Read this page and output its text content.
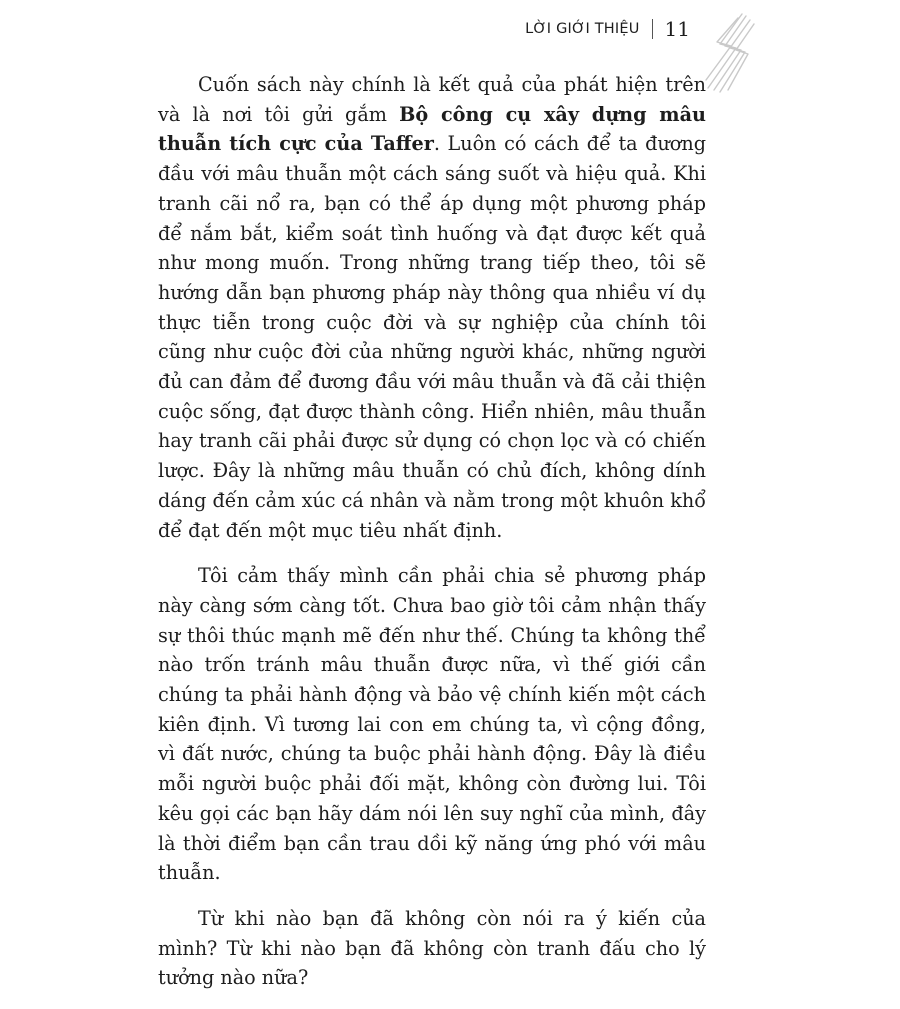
LỜI GIỚI THIỆU 11

Cuốn sách này chính là kết quả của phát hiện trên và là nơi tôi gửi gắm Bộ công cụ xây dựng mâu thuẫn tích cực của Taffer. Luôn có cách để ta đương đầu với mâu thuẫn một cách sáng suốt và hiệu quả. Khi tranh cãi nổ ra, bạn có thể áp dụng một phương pháp để nắm bắt, kiểm soát tình huống và đạt được kết quả như mong muốn. Trong những trang tiếp theo, tôi sẽ hướng dẫn bạn phương pháp này thông qua nhiều ví dụ thực tiễn trong cuộc đời và sự nghiệp của chính tôi cũng như cuộc đời của những người khác, những người đủ can đảm để đương đầu với mâu thuẫn và đã cải thiện cuộc sống, đạt được thành công. Hiển nhiên, mâu thuẫn hay tranh cãi phải được sử dụng có chọn lọc và có chiến lược. Đây là những mâu thuẫn có chủ đích, không dính dáng đến cảm xúc cá nhân và nằm trong một khuôn khổ để đạt đến một mục tiêu nhất định.

Tôi cảm thấy mình cần phải chia sẻ phương pháp này càng sớm càng tốt. Chưa bao giờ tôi cảm nhận thấy sự thôi thúc mạnh mẽ đến như thế. Chúng ta không thể nào trốn tránh mâu thuẫn được nữa, vì thế giới cần chúng ta phải hành động và bảo vệ chính kiến một cách kiên định. Vì tương lai con em chúng ta, vì cộng đồng, vì đất nước, chúng ta buộc phải hành động. Đây là điều mỗi người buộc phải đối mặt, không còn đường lui. Tôi kêu gọi các bạn hãy dám nói lên suy nghĩ của mình, đây là thời điểm bạn cần trau dồi kỹ năng ứng phó với mâu thuẫn.

Từ khi nào bạn đã không còn nói ra ý kiến của mình? Từ khi nào bạn đã không còn tranh đấu cho lý tưởng nào nữa?
